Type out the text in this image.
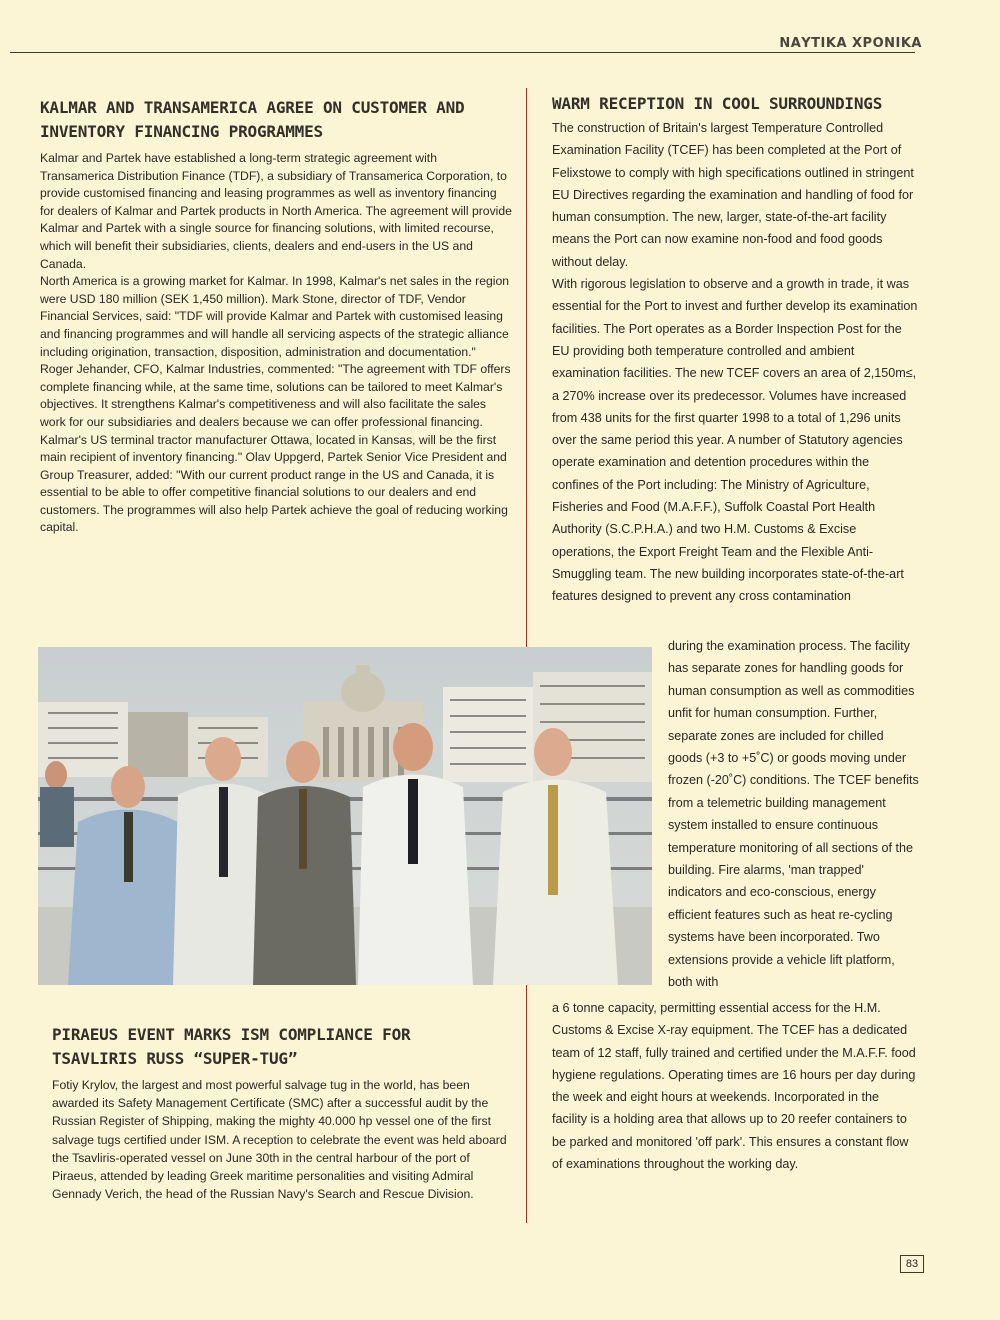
ΝΑΥΤΙΚΑ ΧΡΟΝΙΚΑ
KALMAR AND TRANSAMERICA AGREE ON CUSTOMER AND
INVENTORY FINANCING PROGRAMMES

Kalmar and Partek have established a long-term strategic agreement with Transamerica Distribution Finance (TDF), a subsidiary of Transamerica Corporation, to provide customised financing and leasing programmes as well as inventory financing for dealers of Kalmar and Partek products in North America. The agreement will provide Kalmar and Partek with a single source for financing solutions, with limited recourse, which will benefit their subsidiaries, clients, dealers and end-users in the US and Canada.

North America is a growing market for Kalmar. In 1998, Kalmar's net sales in the region were USD 180 million (SEK 1,450 million). Mark Stone, director of TDF, Vendor Financial Services, said: "TDF will provide Kalmar and Partek with customised leasing and financing programmes and will handle all servicing aspects of the strategic alliance including origination, transaction, disposition, administration and documentation."

Roger Jehander, CFO, Kalmar Industries, commented: "The agreement with TDF offers complete financing while, at the same time, solutions can be tailored to meet Kalmar's objectives. It strengthens Kalmar's competitiveness and will also facilitate the sales work for our subsidiaries and dealers because we can offer professional financing. Kalmar's US terminal tractor manufacturer Ottawa, located in Kansas, will be the first main recipient of inventory financing." Olav Uppgerd, Partek Senior Vice President and Group Treasurer, added: "With our current product range in the US and Canada, it is essential to be able to offer competitive financial solutions to our dealers and end customers. The programmes will also help Partek achieve the goal of reducing working capital.

PIRAEUS EVENT MARKS ISM COMPLIANCE FOR
TSAVLIRIS RUSS “SUPER-TUG”

Fotiy Krylov, the largest and most powerful salvage tug in the world, has been awarded its Safety Management Certificate (SMC) after a successful audit by the Russian Register of Shipping, making the mighty 40.000 hp vessel one of the first salvage tugs certified under ISM. A reception to celebrate the event was held aboard the Tsavliris-operated vessel on June 30th in the central harbour of the port of Piraeus, attended by leading Greek maritime personalities and visiting Admiral Gennady Verich, the head of the Russian Navy's Search and Rescue Division.

WARM RECEPTION IN COOL SURROUNDINGS

The construction of Britain's largest Temperature Controlled Examination Facility (TCEF) has been completed at the Port of Felixstowe to comply with high specifications outlined in stringent EU Directives regarding the examination and handling of food for human consumption. The new, larger, state-of-the-art facility means the Port can now examine non-food and food goods without delay.

With rigorous legislation to observe and a growth in trade, it was essential for the Port to invest and further develop its examination facilities. The Port operates as a Border Inspection Post for the EU providing both temperature controlled and ambient examination facilities. The new TCEF covers an area of 2,150m≤, a 270% increase over its predecessor. Volumes have increased from 438 units for the first quarter 1998 to a total of 1,296 units over the same period this year. A number of Statutory agencies operate examination and detention procedures within the confines of the Port including: The Ministry of Agriculture, Fisheries and Food (M.A.F.F.), Suffolk Coastal Port Health Authority (S.C.P.H.A.) and two H.M. Customs & Excise operations, the Export Freight Team and the Flexible Anti-Smuggling team. The new building incorporates state-of-the-art features designed to prevent any cross contamination

during the examination process. The facility has separate zones for handling goods for human consumption as well as commodities unfit for human consumption. Further, separate zones are included for chilled goods (+3 to +5˚C) or goods moving under frozen (-20˚C) conditions. The TCEF benefits from a telemetric building management system installed to ensure continuous temperature monitoring of all sections of the building. Fire alarms, 'man trapped' indicators and eco-conscious, energy efficient features such as heat re-cycling systems have been incorporated. Two extensions provide a vehicle lift platform, both with

a 6 tonne capacity, permitting essential access for the H.M. Customs & Excise X-ray equipment. The TCEF has a dedicated team of 12 staff, fully trained and certified under the M.A.F.F. food hygiene regulations. Operating times are 16 hours per day during the week and eight hours at weekends. Incorporated in the

facility is a holding area that allows up to 20 reefer containers to be parked and monitored 'off park'. This ensures a constant flow of examinations throughout the working day.

83
